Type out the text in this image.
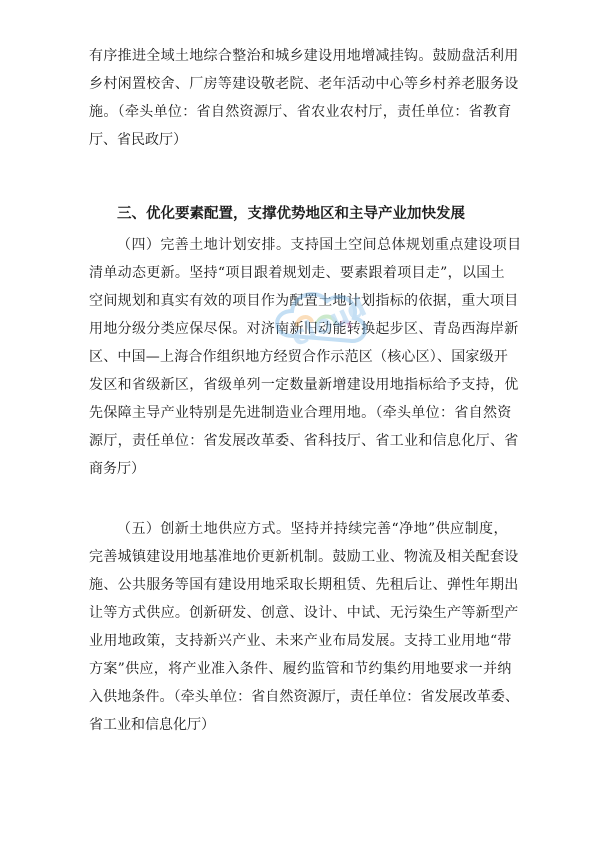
有序推进全域土地综合整治和城乡建设用地增减挂钩。鼓励盘活利用
乡村闲置校舍、厂房等建设敬老院、老年活动中心等乡村养老服务设
施。（牵头单位：省自然资源厅、省农业农村厅，责任单位：省教育
厅、省民政厅）

三、优化要素配置，支撑优势地区和主导产业加快发展

（四）完善土地计划安排。支持国土空间总体规划重点建设项目
清单动态更新。坚持“项目跟着规划走、要素跟着项目走”，以国土
空间规划和真实有效的项目作为配置土地计划指标的依据，重大项目
用地分级分类应保尽保。对济南新旧动能转换起步区、青岛西海岸新
区、中国—上海合作组织地方经贸合作示范区（核心区）、国家级开
发区和省级新区，省级单列一定数量新增建设用地指标给予支持，优
先保障主导产业特别是先进制造业合理用地。（牵头单位：省自然资
源厅，责任单位：省发展改革委、省科技厅、省工业和信息化厅、省
商务厅）
（五）创新土地供应方式。坚持并持续完善“净地”供应制度，
完善城镇建设用地基准地价更新机制。鼓励工业、物流及相关配套设
施、公共服务等国有建设用地采取长期租赁、先租后让、弹性年期出
让等方式供应。创新研发、创意、设计、中试、无污染生产等新型产
业用地政策，支持新兴产业、未来产业布局发展。支持工业用地“带
方案”供应，将产业准入条件、履约监管和节约集约用地要求一并纳
入供地条件。（牵头单位：省自然资源厅，责任单位：省发展改革委、
省工业和信息化厅）
cloud
